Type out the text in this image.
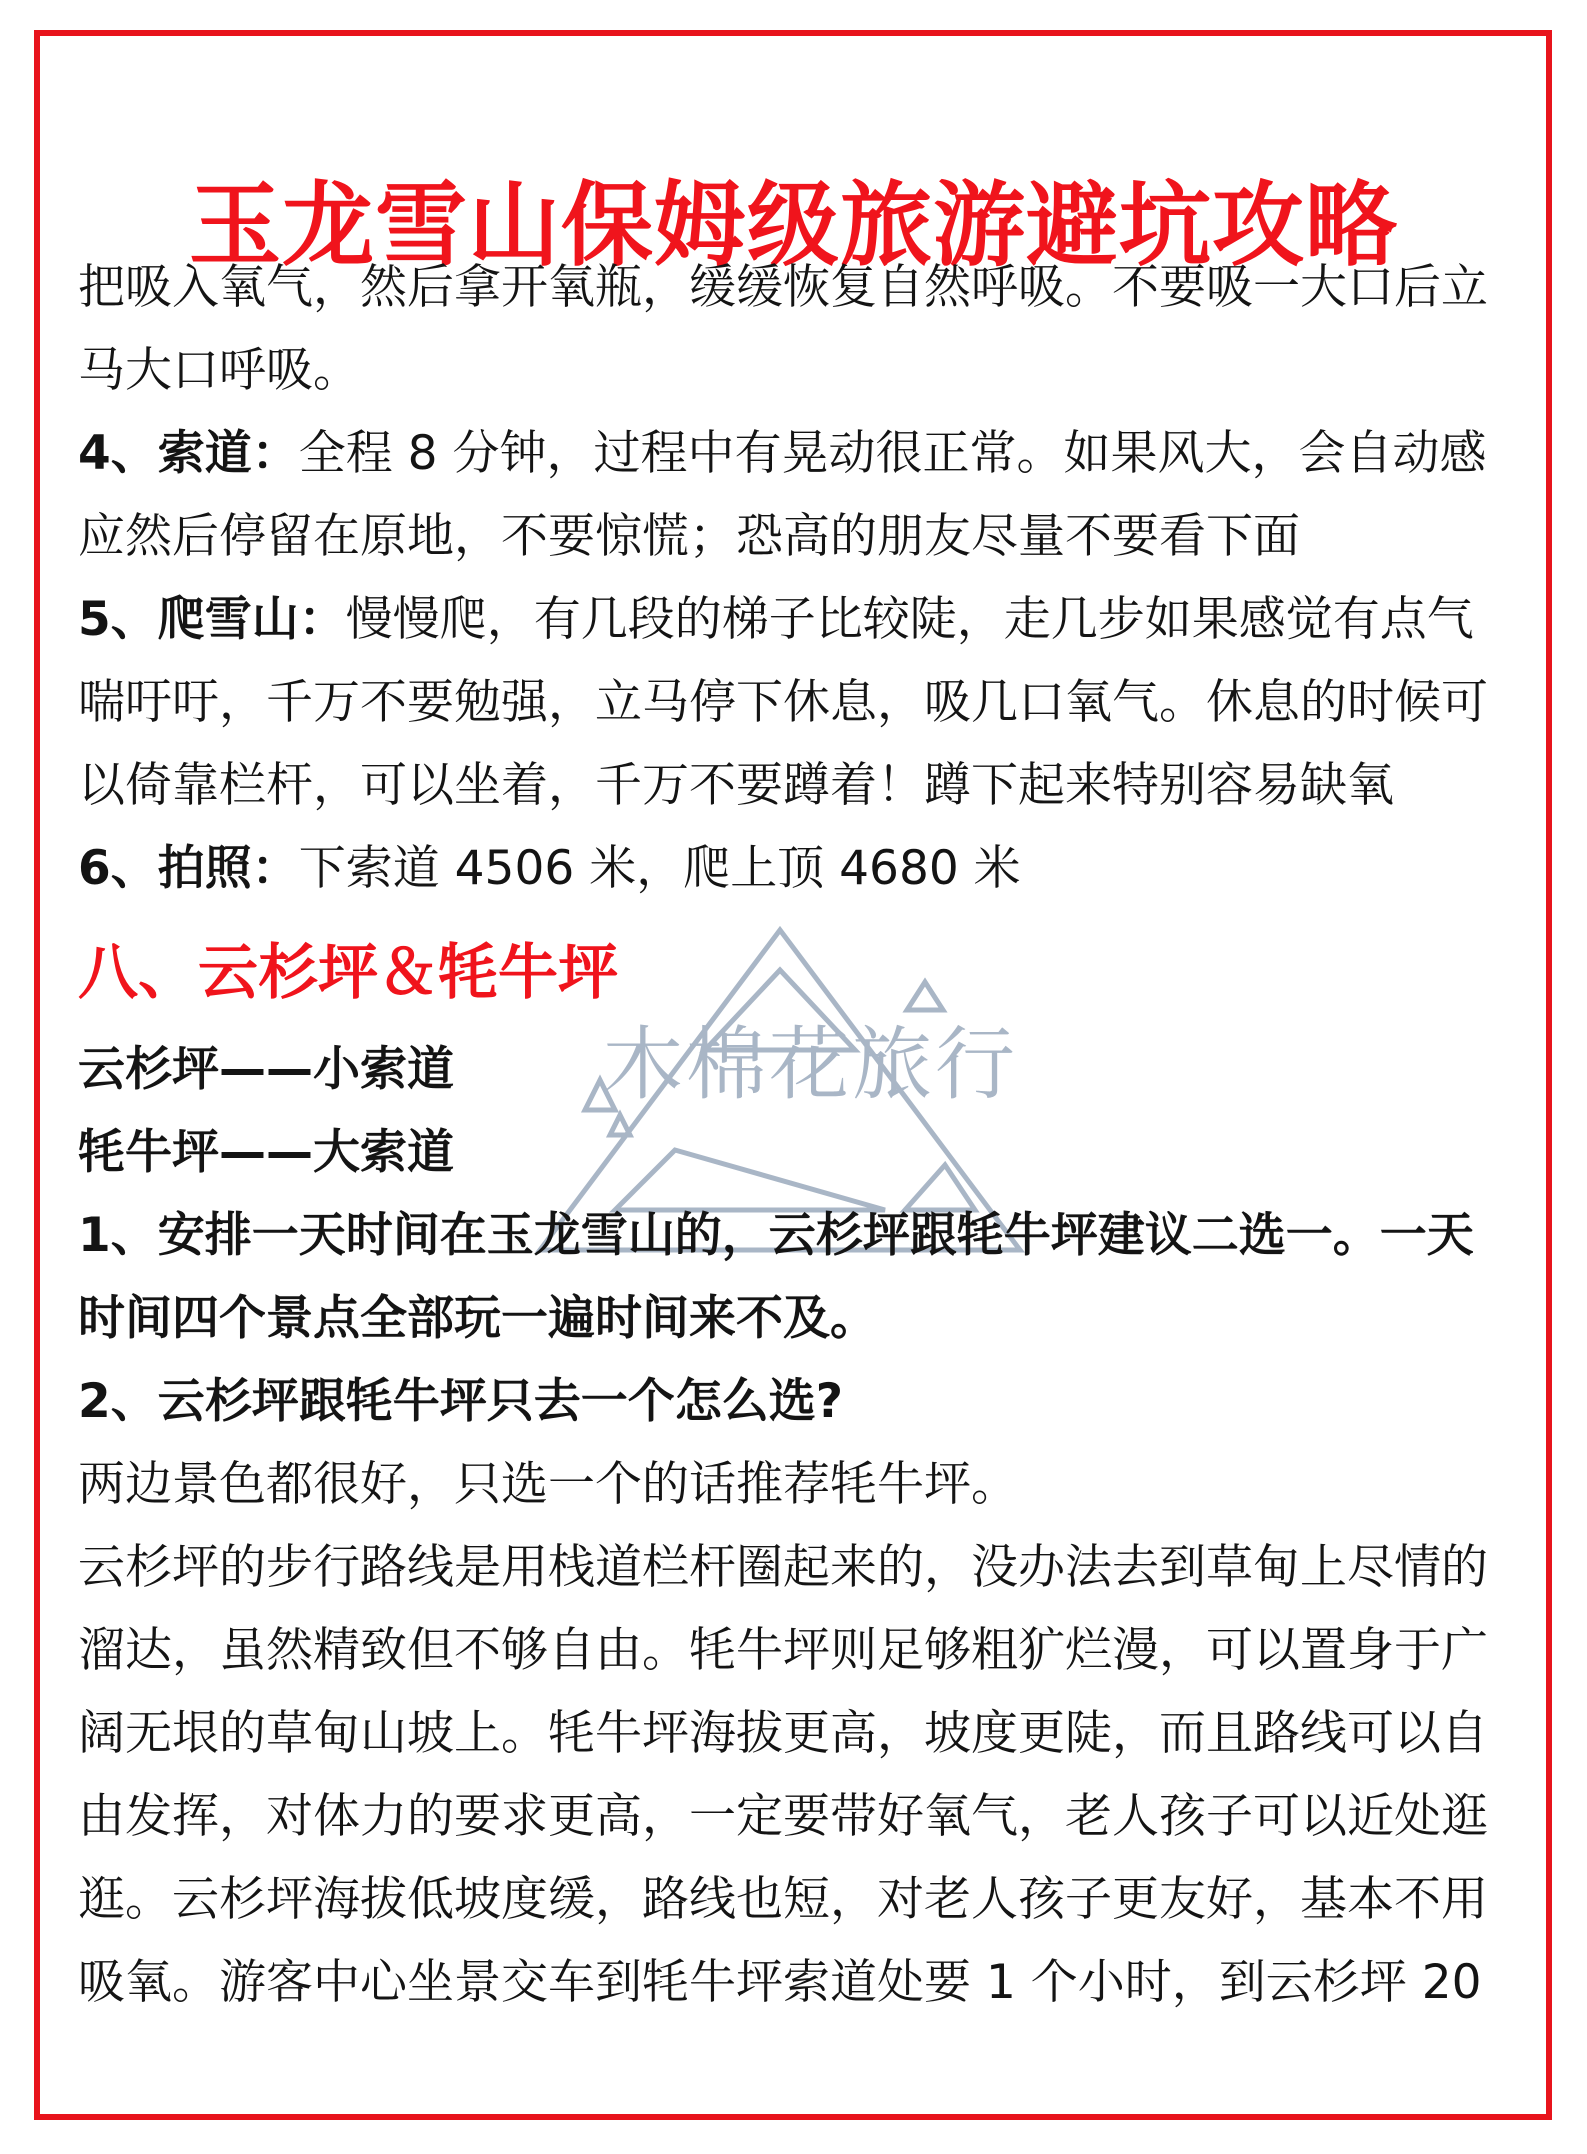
玉龙雪山保姆级旅游避坑攻略
木棉花旅行

把吸入氧气，然后拿开氧瓶，缓缓恢复自然呼吸。不要吸一大口后立马大口呼吸。

4、索道：全程 8 分钟，过程中有晃动很正常。如果风大，会自动感应然后停留在原地，不要惊慌；恐高的朋友尽量不要看下面

5、爬雪山：慢慢爬，有几段的梯子比较陡，走几步如果感觉有点气喘吁吁，千万不要勉强，立马停下休息，吸几口氧气。休息的时候可以倚靠栏杆，可以坐着，千万不要蹲着！蹲下起来特别容易缺氧

6、拍照：下索道 4506 米，爬上顶 4680 米

八、云杉坪＆牦牛坪

云杉坪——小索道

牦牛坪——大索道

1、安排一天时间在玉龙雪山的，云杉坪跟牦牛坪建议二选一。一天时间四个景点全部玩一遍时间来不及。

2、云杉坪跟牦牛坪只去一个怎么选?

两边景色都很好，只选一个的话推荐牦牛坪。

云杉坪的步行路线是用栈道栏杆圈起来的，没办法去到草甸上尽情的溜达，虽然精致但不够自由。牦牛坪则足够粗犷烂漫，可以置身于广阔无垠的草甸山坡上。牦牛坪海拔更高，坡度更陡，而且路线可以自由发挥，对体力的要求更高，一定要带好氧气，老人孩子可以近处逛逛。云杉坪海拔低坡度缓，路线也短，对老人孩子更友好，基本不用吸氧。游客中心坐景交车到牦牛坪索道处要 1 个小时，到云杉坪 20
